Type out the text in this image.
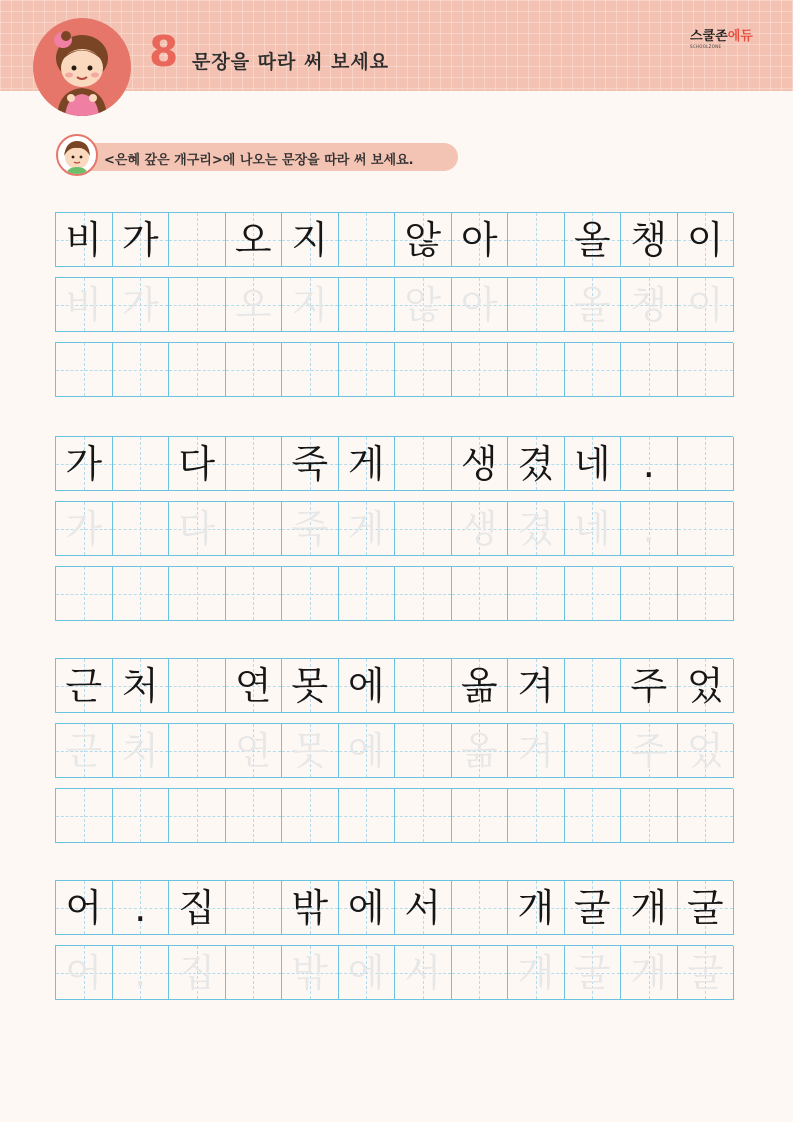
8 문장을 따라 써 보세요
스쿨존에듀
SCHOOLZONE
<은혜 갚은 개구리>에 나오는 문장을 따라 써 보세요.
비 가 오 지 않 아 올 챙 이
비 가 오 지 않 아 올 챙 이
가 다 죽 게 생 겼 네 .
가 다 죽 게 생 겼 네 .
근 처 연 못 에 옮 겨 주 었
근 처 연 못 에 옮 겨 주 었
어 . 집 밖 에 서 개 굴 개 굴
어 . 집 밖 에 서 개 굴 개 굴
